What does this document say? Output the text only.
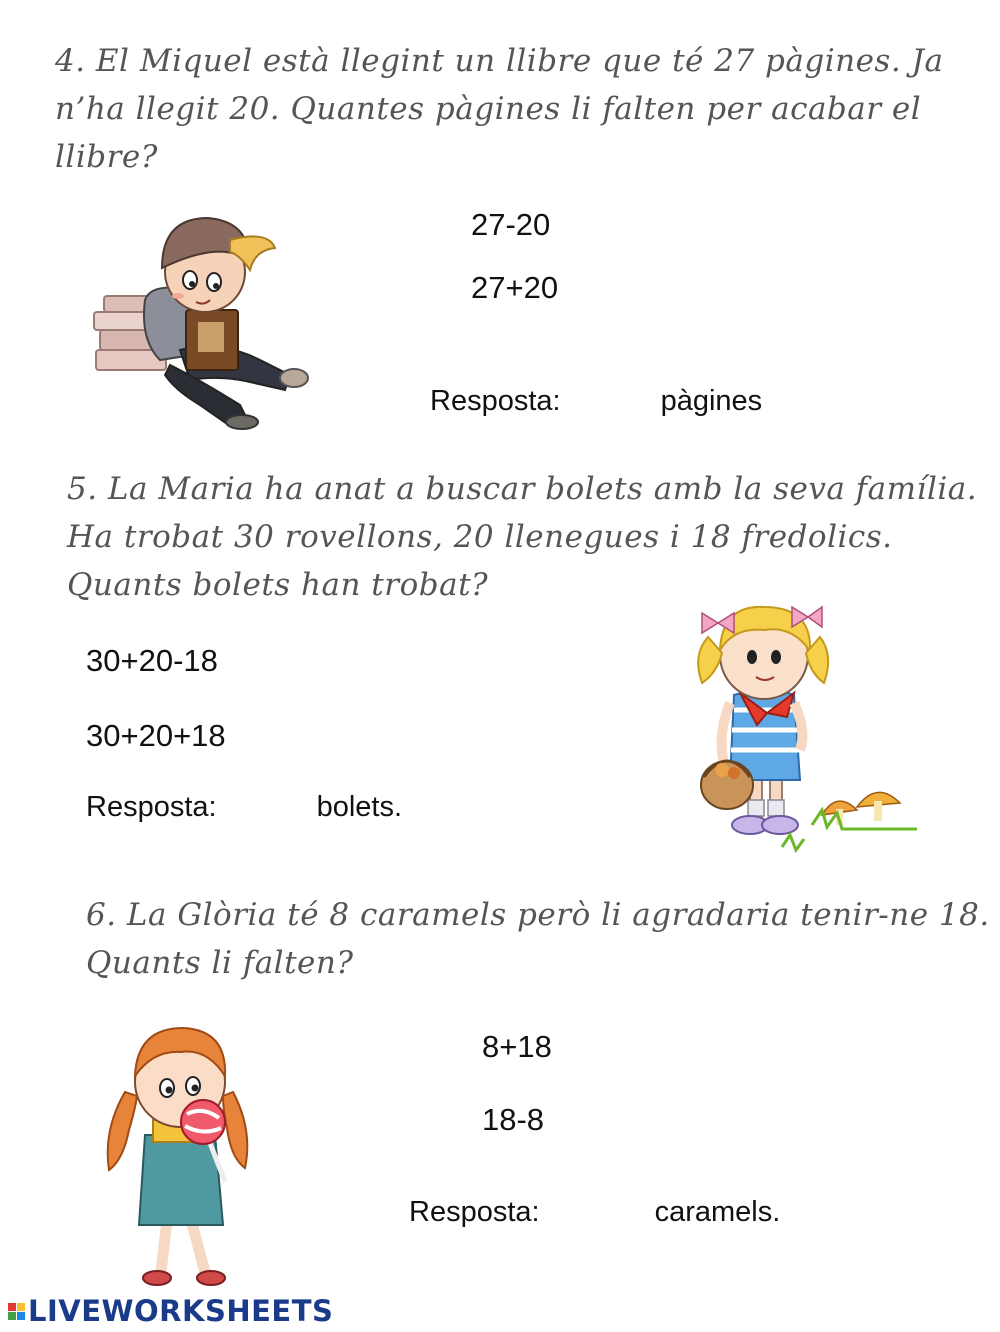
4. El Miquel està llegint un llibre que té 27 pàgines. Ja

n’ha llegit 20. Quantes pàgines li falten per acabar el

llibre?

27-20
27+20
Resposta:	pàgines

5. La Maria ha anat a buscar bolets amb la seva família.

Ha trobat 30 rovellons, 20 llenegues i 18 fredolics.

Quants bolets han trobat?

30+20-18
30+20+18
Resposta:	bolets.

6. La Glòria té 8 caramels però li agradaria tenir-ne 18.

Quants li falten?

8+18
18-8
Resposta:	caramels.
LIVEWORKSHEETS
